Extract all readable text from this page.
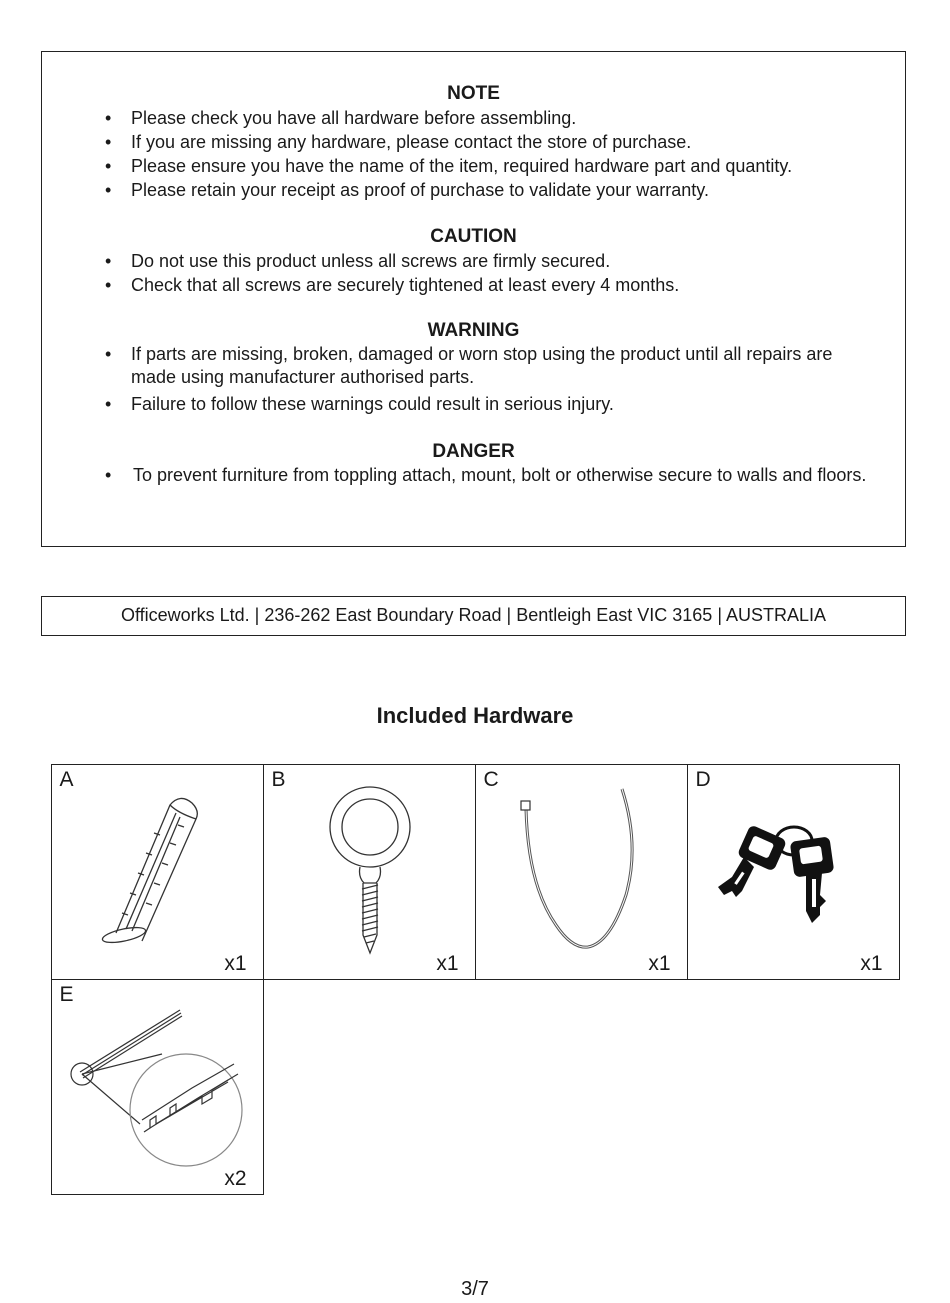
NOTE
• Please check you have all hardware before assembling.
• If you are missing any hardware, please contact the store of purchase.
• Please ensure you have the name of the item, required hardware part and quantity.
• Please retain your receipt as proof of purchase to validate your warranty.
CAUTION
• Do not use this product unless all screws are firmly secured.
• Check that all screws are securely tightened at least every 4 months.
WARNING
• If parts are missing, broken, damaged or worn stop using the product until all repairs are made using manufacturer authorised parts.
• Failure to follow these warnings could result in serious injury.
DANGER
• To prevent furniture from toppling attach, mount, bolt or otherwise secure to walls and floors.
Officeworks Ltd. | 236-262 East Boundary Road | Bentleigh East VIC 3165 | AUSTRALIA
Included Hardware
A
x1
B
x1
C
x1
D
x1
E
x2
3/7
